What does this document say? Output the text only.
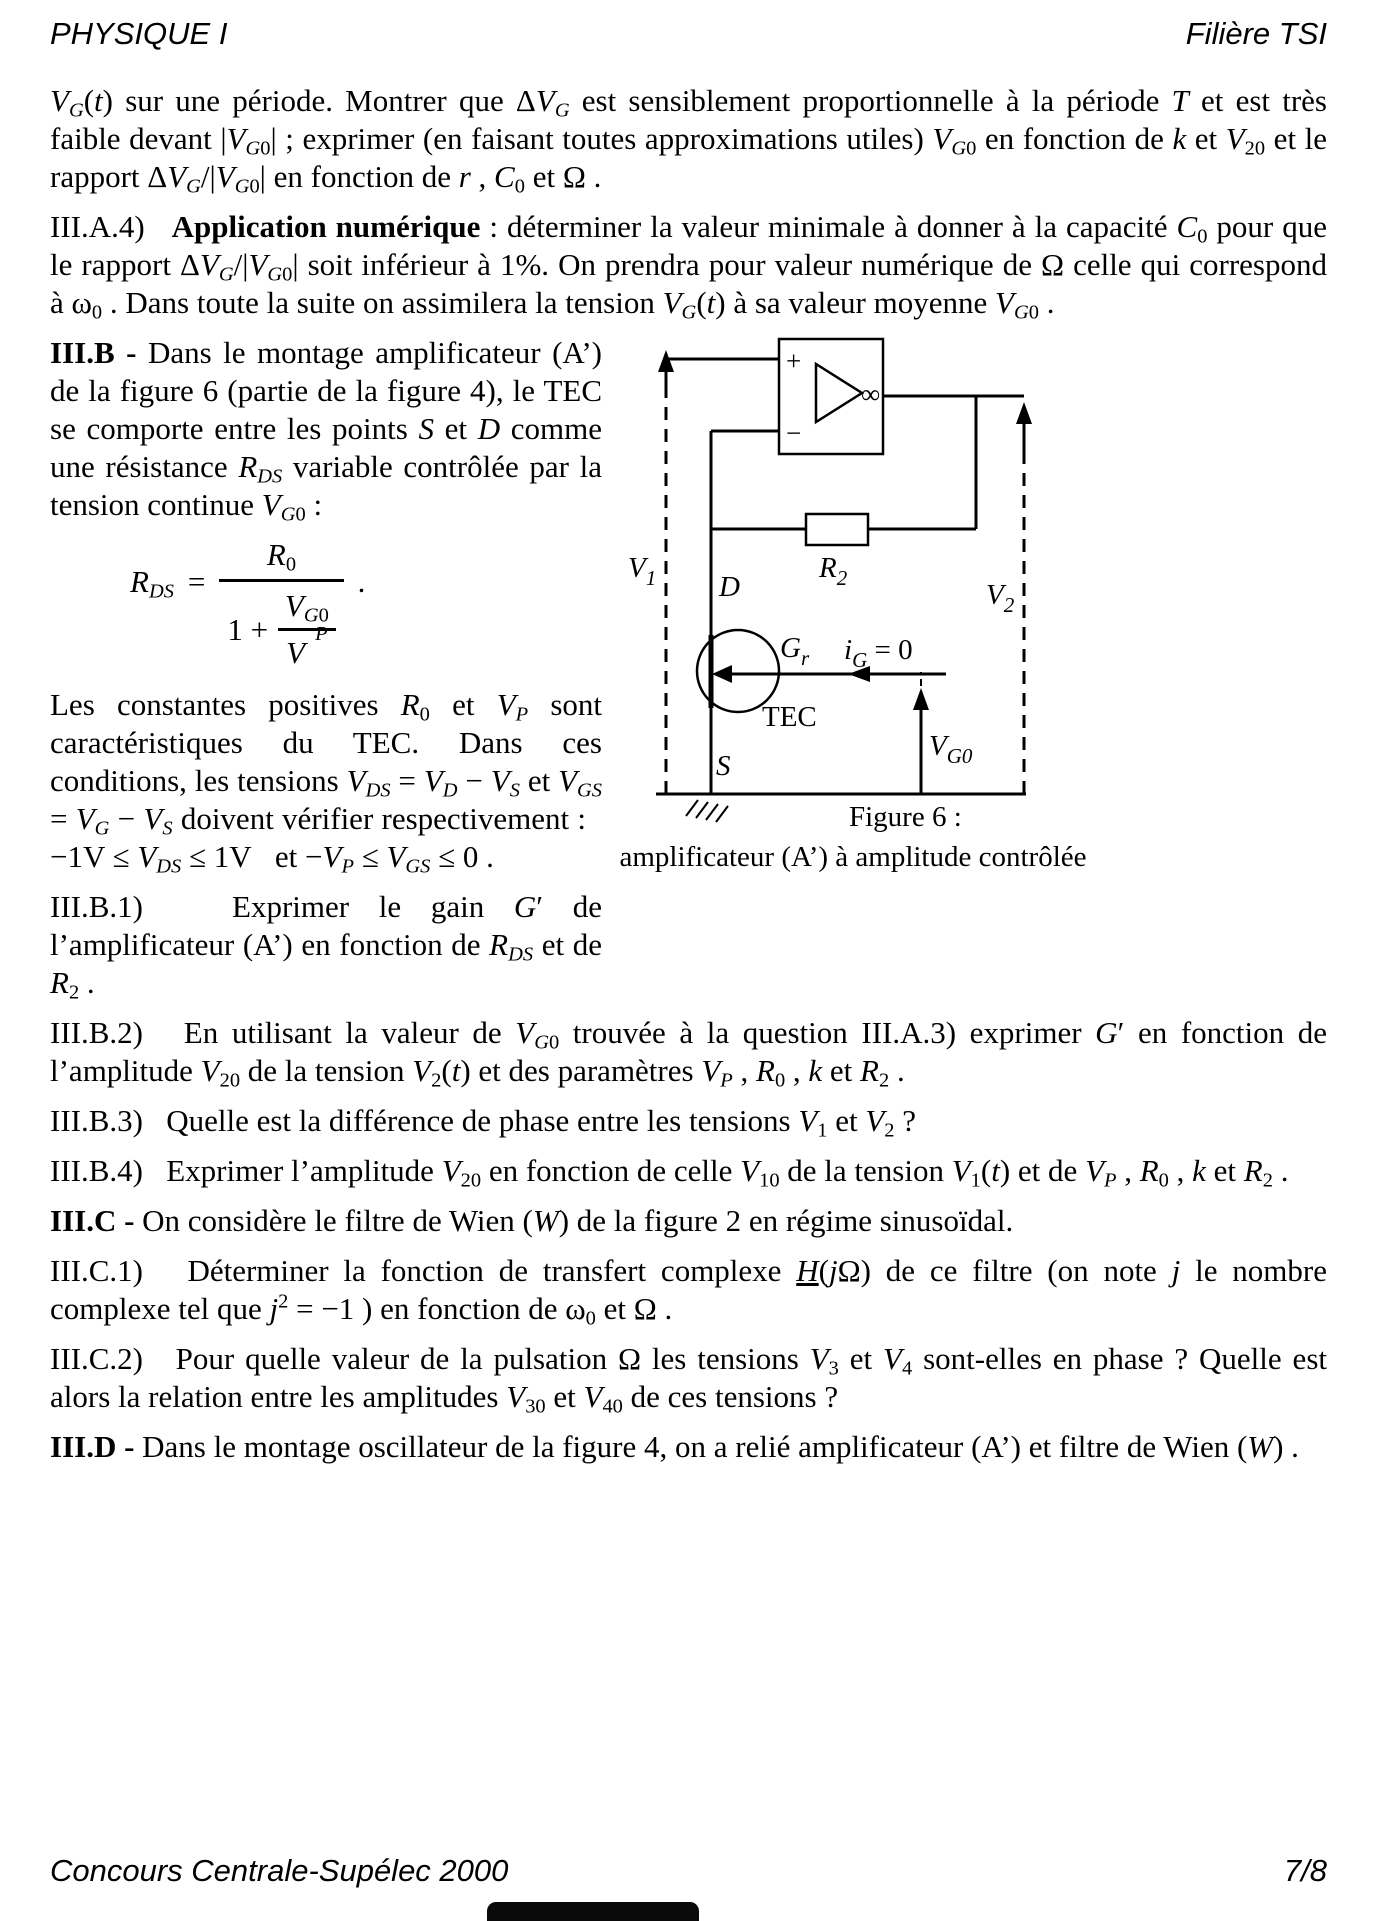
PHYSIQUE I	Filière TSI

$V_G(t)$ sur une période. Montrer que $\Delta V_G$ est sensiblement proportionnelle à la période T et est très faible devant $|V_{G0}|$ ; exprimer (en faisant toutes approximations utiles) $V_{G0}$ en fonction de k et $V_{20}$ et le rapport $\Delta V_G/|V_{G0}|$ en fonction de r , $C_0$ et Ω .

III.A.4)   Application numérique : déterminer la valeur minimale à donner à la capacité $C_0$ pour que le rapport $\Delta V_G/|V_{G0}|$ soit inférieur à 1%. On prendra pour valeur numérique de Ω celle qui correspond à $\omega_0$ . Dans toute la suite on assimilera la tension $V_G(t)$ à sa valeur moyenne $V_{G0}$ .

III.B - Dans le montage amplificateur (A’) de la figure 6 (partie de la figure 4), le TEC se comporte entre les points S et D comme une résistance $R_{DS}$ variable contrôlée par la tension continue $V_{G0}$ :

$R_{DS}$ =
$R_0$
$1 + V_{G0}$
V
P
.

Les constantes positives $R_0$ et $V_P$ sont caractéristiques du TEC. Dans ces conditions, les tensions $V_{DS} = V_D - V_S$ et $V_{GS} = V_G - V_S$ doivent vérifier respectivement :   $-1V \le V_{DS} \le 1V$   et $-V_P \le V_{GS} \le 0$ .

III.B.1)   Exprimer le gain G′ de l’amplificateur (A’) en fonction de $R_{DS}$ et de $R_2$ .

+
−
∞
$V_1$
$V_2$
$R_2$
D
S
$G_r$ $i_G = 0$
TEC
$V_{G0}$
Figure 6 :
amplificateur (A’) à amplitude contrôlée

III.B.2)   En utilisant la valeur de $V_{G0}$ trouvée à la question III.A.3) exprimer G′ en fonction de l’amplitude $V_{20}$ de la tension $V_2(t)$ et des paramètres $V_P$ , $R_0$ , k et $R_2$ .

III.B.3)   Quelle est la différence de phase entre les tensions $V_1$ et $V_2$ ?

III.B.4)   Exprimer l’amplitude $V_{20}$ en fonction de celle $V_{10}$ de la tension $V_1(t)$ et de $V_P$ , $R_0$ , k et $R_2$ .

III.C - On considère le filtre de Wien (W) de la figure 2 en régime sinusoïdal.

III.C.1)   Déterminer la fonction de transfert complexe H(jΩ) de ce filtre (on note j le nombre complexe tel que $j^2 = -1$ ) en fonction de $\omega_0$ et Ω .

III.C.2)   Pour quelle valeur de la pulsation Ω les tensions $V_3$ et $V_4$ sont-elles en phase ? Quelle est alors la relation entre les amplitudes $V_{30}$ et $V_{40}$ de ces tensions ?

III.D - Dans le montage oscillateur de la figure 4, on a relié amplificateur (A’) et filtre de Wien (W) .

Concours Centrale-Supélec 2000	7/8
